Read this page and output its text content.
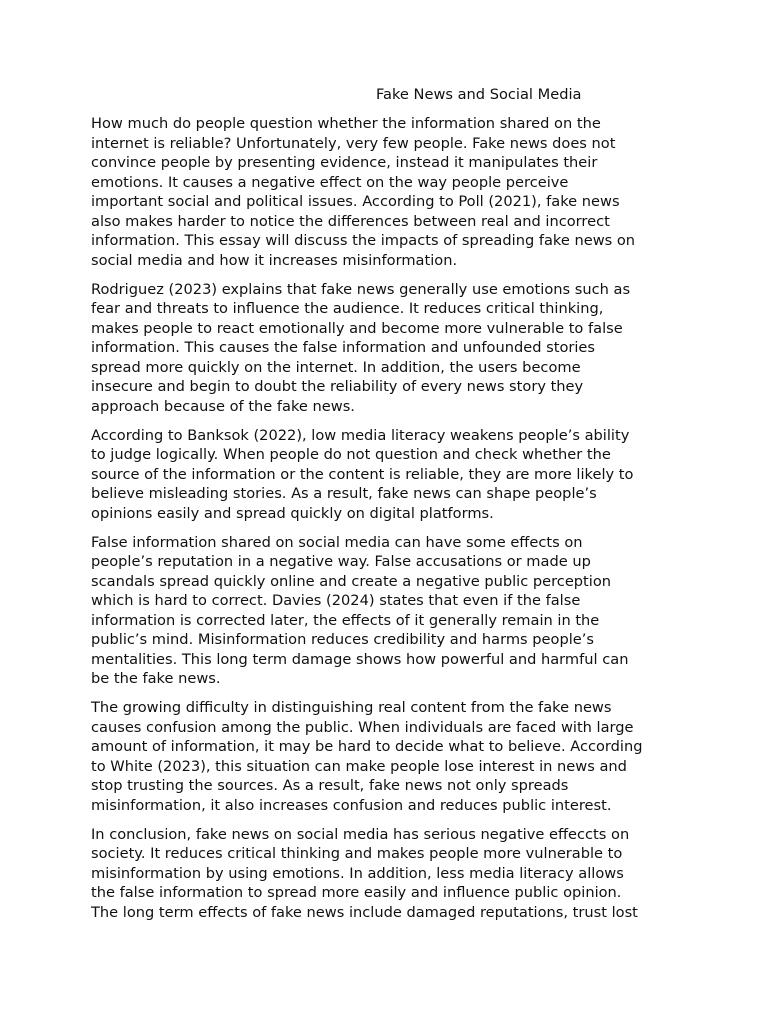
Fake News and Social Media

How much do people question whether the information shared on the
internet is reliable? Unfortunately, very few people. Fake news does not
convince people by presenting evidence, instead it manipulates their
emotions. It causes a negative effect on the way people perceive
important social and political issues. According to Poll (2021), fake news
also makes harder to notice the differences between real and incorrect
information. This essay will discuss the impacts of spreading fake news on
social media and how it increases misinformation.

Rodriguez (2023) explains that fake news generally use emotions such as
fear and threats to influence the audience. It reduces critical thinking,
makes people to react emotionally and become more vulnerable to false
information. This causes the false information and unfounded stories
spread more quickly on the internet. In addition, the users become
insecure and begin to doubt the reliability of every news story they
approach because of the fake news.

According to Banksok (2022), low media literacy weakens people’s ability
to judge logically. When people do not question and check whether the
source of the information or the content is reliable, they are more likely to
believe misleading stories. As a result, fake news can shape people’s
opinions easily and spread quickly on digital platforms.

False information shared on social media can have some effects on
people’s reputation in a negative way. False accusations or made up
scandals spread quickly online and create a negative public perception
which is hard to correct. Davies (2024) states that even if the false
information is corrected later, the effects of it generally remain in the
public’s mind. Misinformation reduces credibility and harms people’s
mentalities. This long term damage shows how powerful and harmful can
be the fake news.

The growing difficulty in distinguishing real content from the fake news
causes confusion among the public. When individuals are faced with large
amount of information, it may be hard to decide what to believe. According
to White (2023), this situation can make people lose interest in news and
stop trusting the sources. As a result, fake news not only spreads
misinformation, it also increases confusion and reduces public interest.

In conclusion, fake news on social media has serious negative effeccts on
society. It reduces critical thinking and makes people more vulnerable to
misinformation by using emotions. In addition, less media literacy allows
the false information to spread more easily and influence public opinion.
The long term effects of fake news include damaged reputations, trust lost
